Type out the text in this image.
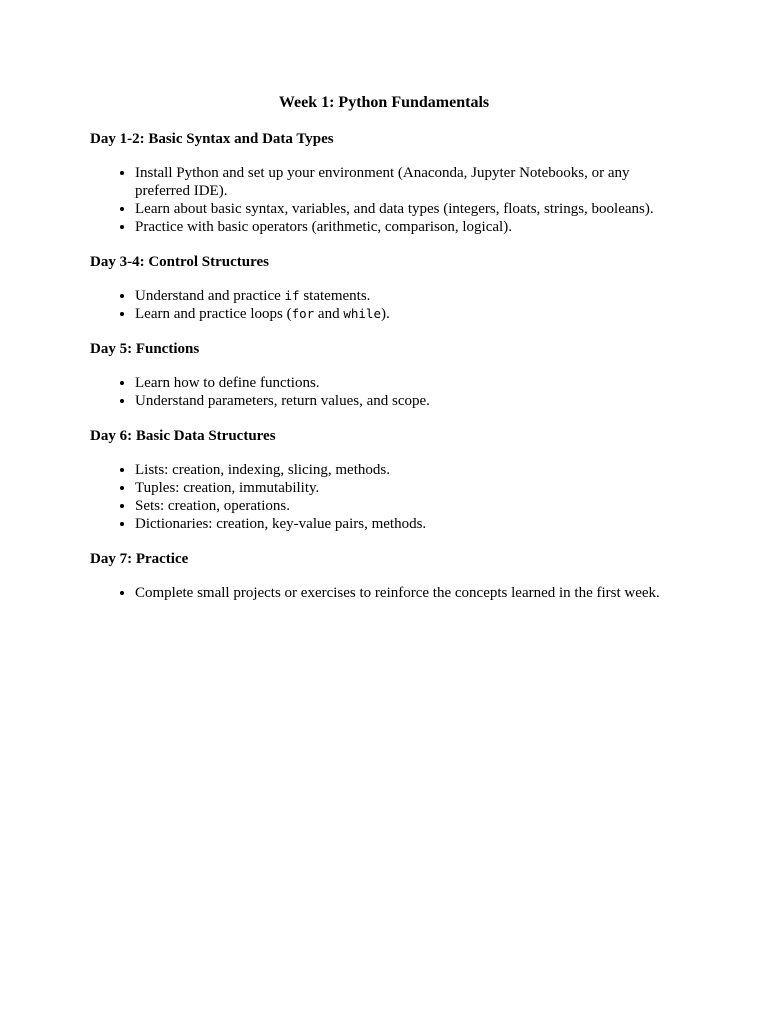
Week 1: Python Fundamentals
Day 1-2: Basic Syntax and Data Types
• Install Python and set up your environment (Anaconda, Jupyter Notebooks, or any preferred IDE).
• Learn about basic syntax, variables, and data types (integers, floats, strings, booleans).
• Practice with basic operators (arithmetic, comparison, logical).
Day 3-4: Control Structures
• Understand and practice if statements.
• Learn and practice loops (for and while).
Day 5: Functions
• Learn how to define functions.
• Understand parameters, return values, and scope.
Day 6: Basic Data Structures
• Lists: creation, indexing, slicing, methods.
• Tuples: creation, immutability.
• Sets: creation, operations.
• Dictionaries: creation, key-value pairs, methods.
Day 7: Practice
• Complete small projects or exercises to reinforce the concepts learned in the first week.
